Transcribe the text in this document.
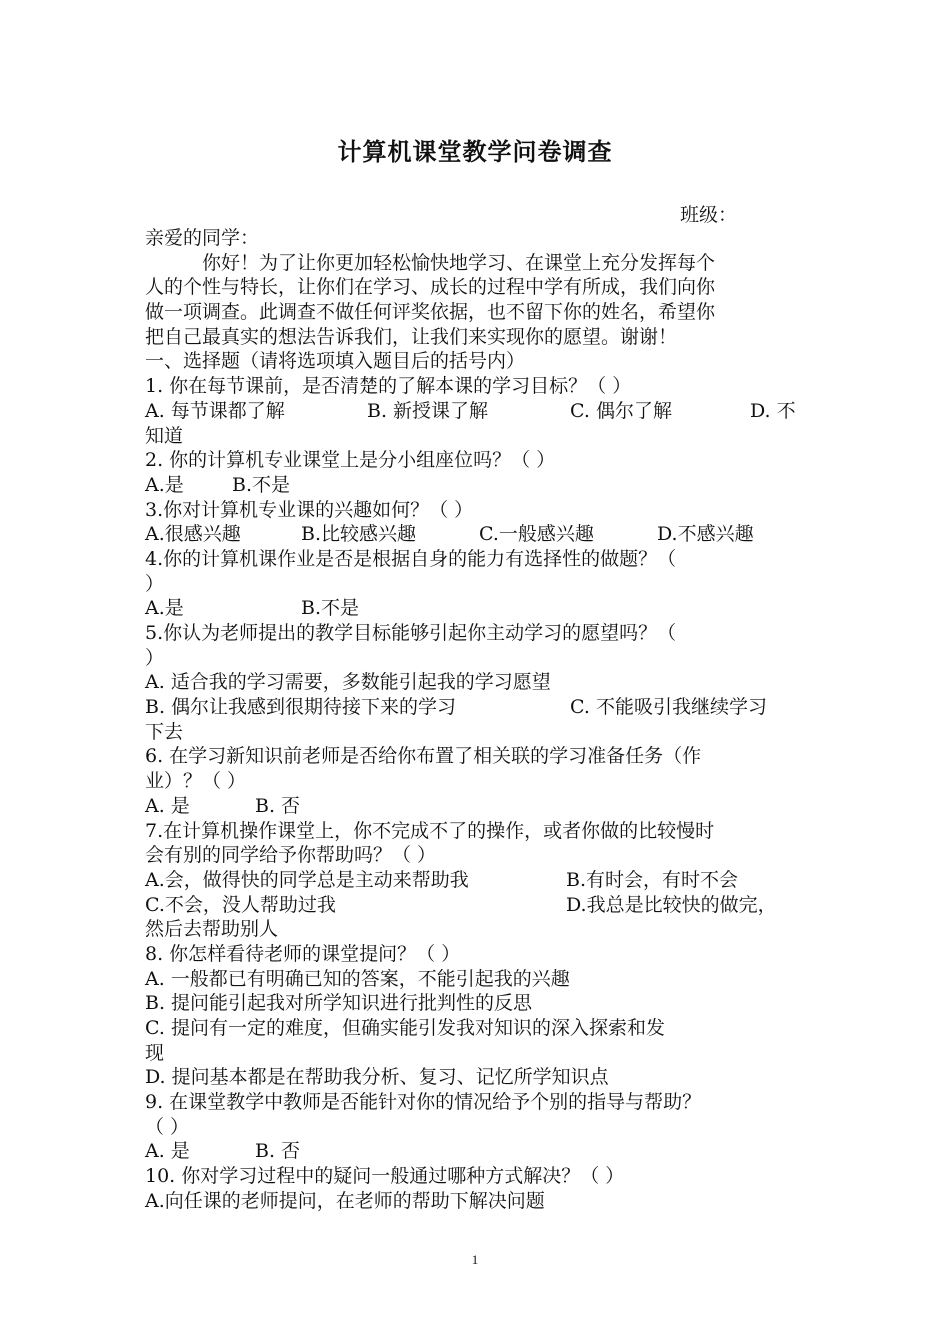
计算机课堂教学问卷调查
班级：
亲爱的同学：
你好！为了让你更加轻松愉快地学习、在课堂上充分发挥每个
人的个性与特长，让你们在学习、成长的过程中学有所成，我们向你
做一项调查。此调查不做任何评奖依据，也不留下你的姓名，希望你
把自己最真实的想法告诉我们，让我们来实现你的愿望。谢谢！
一、选择题（请将选项填入题目后的括号内）
1. 你在每节课前，是否清楚的了解本课的学习目标？（ ）
A. 每节课都了解	B. 新授课了解	C. 偶尔了解	D. 不
知道
2. 你的计算机专业课堂上是分小组座位吗？（ ）
A.是	B.不是
3.你对计算机专业课的兴趣如何？（ ）
A.很感兴趣	B.比较感兴趣	C.一般感兴趣	D.不感兴趣
4.你的计算机课作业是否是根据自身的能力有选择性的做题？（
）
A.是	B.不是
5.你认为老师提出的教学目标能够引起你主动学习的愿望吗？（
）
A. 适合我的学习需要，多数能引起我的学习愿望
B. 偶尔让我感到很期待接下来的学习	C. 不能吸引我继续学习
下去
6. 在学习新知识前老师是否给你布置了相关联的学习准备任务（作
业）？（ ）
A. 是	B. 否
7.在计算机操作课堂上，你不完成不了的操作，或者你做的比较慢时
会有别的同学给予你帮助吗？（ ）
A.会，做得快的同学总是主动来帮助我	B.有时会，有时不会
C.不会，没人帮助过我	D.我总是比较快的做完，
然后去帮助别人
8. 你怎样看待老师的课堂提问？（ ）
A. 一般都已有明确已知的答案，不能引起我的兴趣
B. 提问能引起我对所学知识进行批判性的反思
C. 提问有一定的难度，但确实能引发我对知识的深入探索和发
现
D. 提问基本都是在帮助我分析、复习、记忆所学知识点
9. 在课堂教学中教师是否能针对你的情况给予个别的指导与帮助？
（ ）
A. 是	B. 否
10. 你对学习过程中的疑问一般通过哪种方式解决？（ ）
A.向任课的老师提问，在老师的帮助下解决问题
1
